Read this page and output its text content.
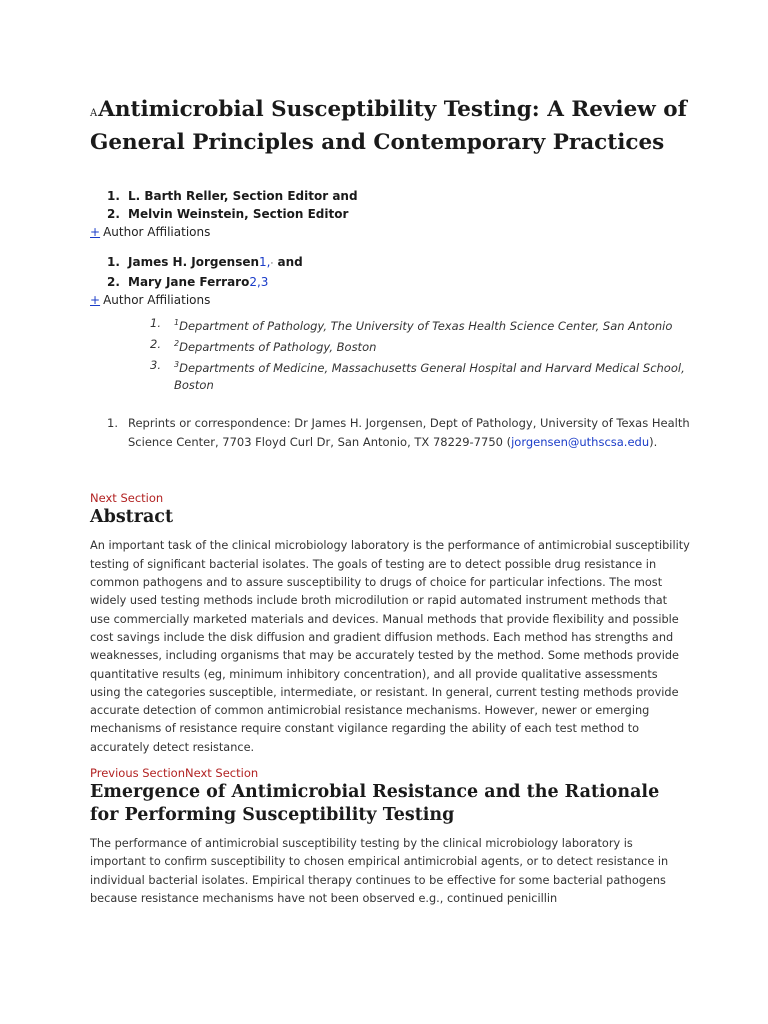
AAntimicrobial Susceptibility Testing: A Review of General Principles and Contemporary Practices
1. L. Barth Reller, Section Editor and
2. Melvin Weinstein, Section Editor
+ Author Affiliations
1. James H. Jorgensen1,· and
2. Mary Jane Ferraro2,3
+ Author Affiliations
1. $^1$Department of Pathology, The University of Texas Health Science Center, San Antonio
2. $^2$Departments of Pathology, Boston
3. $^3$Departments of Medicine, Massachusetts General Hospital and Harvard Medical School, Boston
1. Reprints or correspondence: Dr James H. Jorgensen, Dept of Pathology, University of Texas Health Science Center, 7703 Floyd Curl Dr, San Antonio, TX 78229-7750 (jorgensen@uthscsa.edu).
Next Section
Abstract

An important task of the clinical microbiology laboratory is the performance of antimicrobial susceptibility testing of significant bacterial isolates. The goals of testing are to detect possible drug resistance in common pathogens and to assure susceptibility to drugs of choice for particular infections. The most widely used testing methods include broth microdilution or rapid automated instrument methods that use commercially marketed materials and devices. Manual methods that provide flexibility and possible cost savings include the disk diffusion and gradient diffusion methods. Each method has strengths and weaknesses, including organisms that may be accurately tested by the method. Some methods provide quantitative results (eg, minimum inhibitory concentration), and all provide qualitative assessments using the categories susceptible, intermediate, or resistant. In general, current testing methods provide accurate detection of common antimicrobial resistance mechanisms. However, newer or emerging mechanisms of resistance require constant vigilance regarding the ability of each test method to accurately detect resistance.

Previous SectionNext Section
Emergence of Antimicrobial Resistance and the Rationale for Performing Susceptibility Testing

The performance of antimicrobial susceptibility testing by the clinical microbiology laboratory is important to confirm susceptibility to chosen empirical antimicrobial agents, or to detect resistance in individual bacterial isolates. Empirical therapy continues to be effective for some bacterial pathogens because resistance mechanisms have not been observed e.g., continued penicillin
